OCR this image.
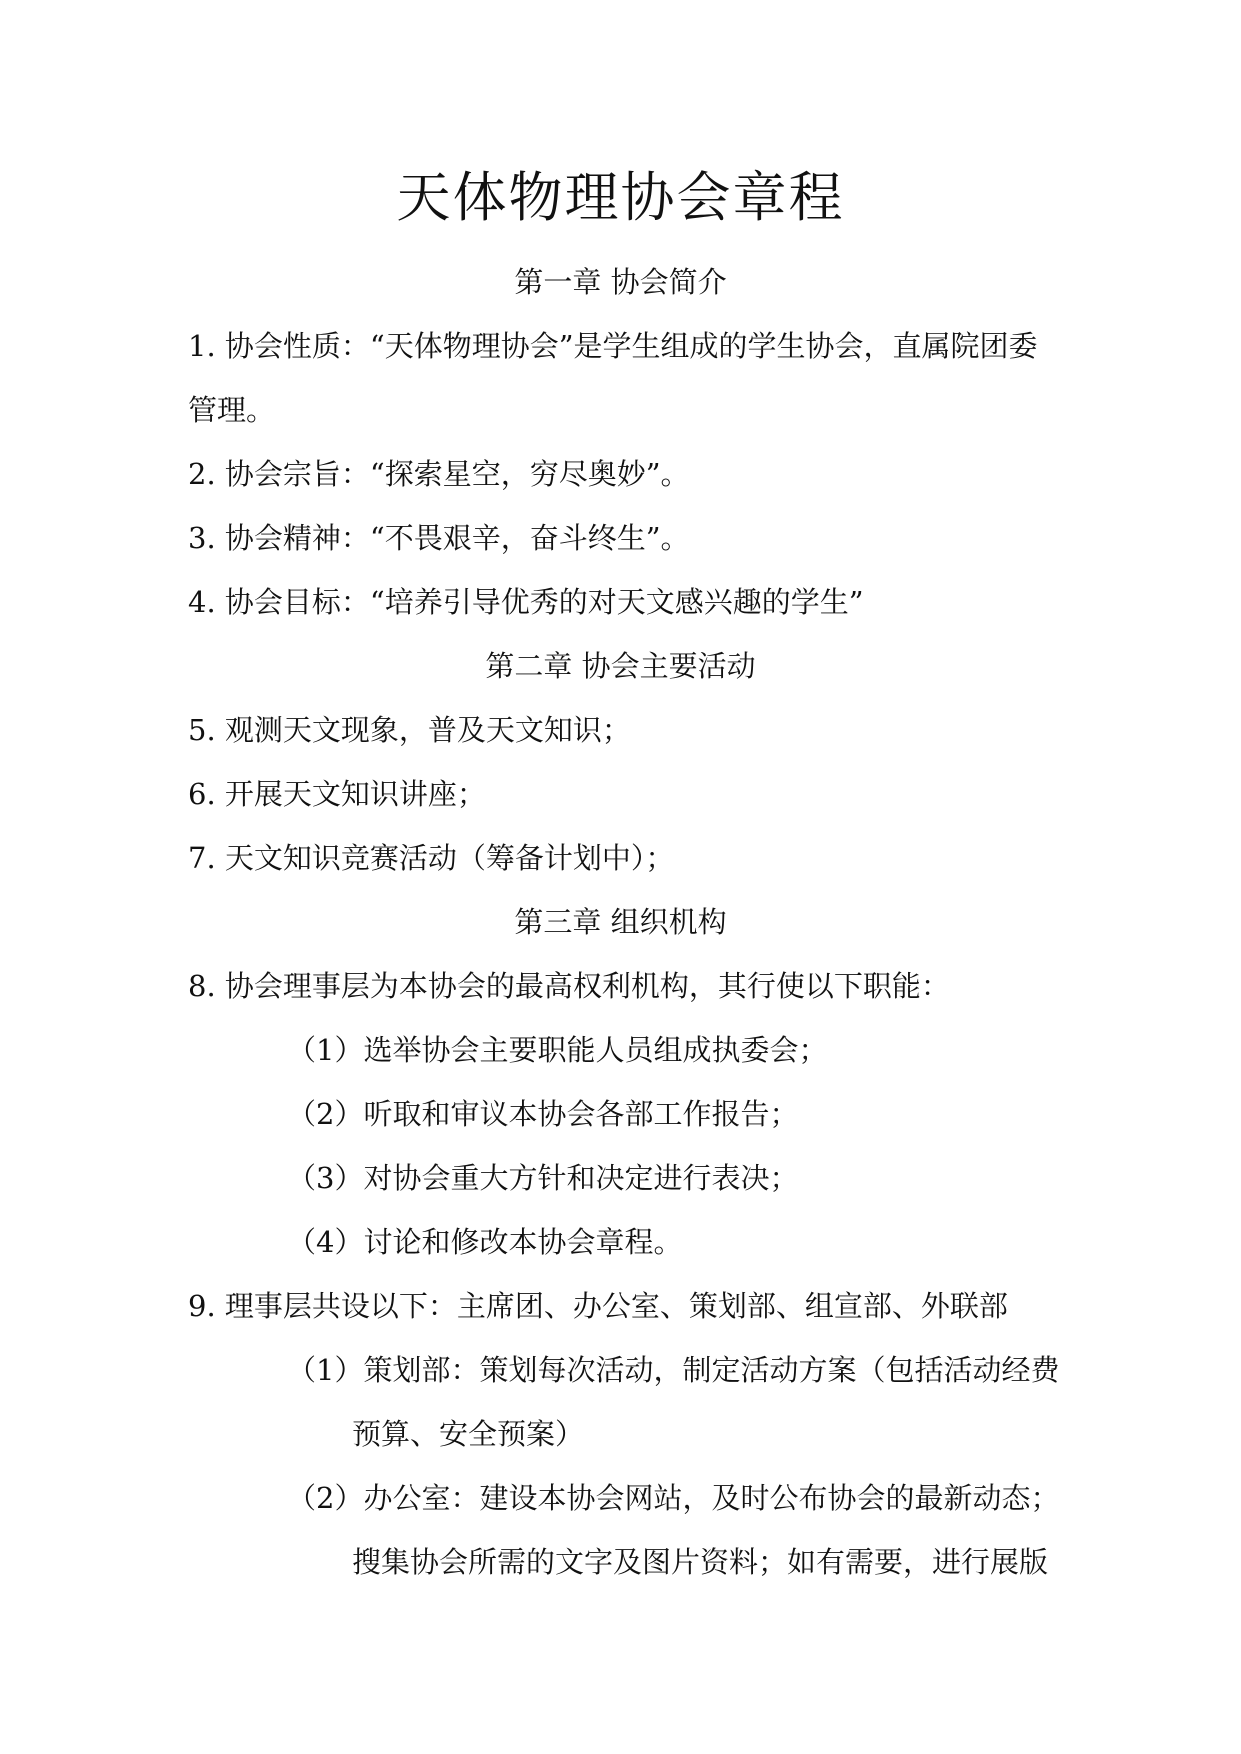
天体物理协会章程
第一章 协会简介
1. 协会性质：“天体物理协会”是学生组成的学生协会，直属院团委
管理。
2. 协会宗旨：“探索星空，穷尽奥妙”。
3. 协会精神：“不畏艰辛，奋斗终生”。
4. 协会目标：“培养引导优秀的对天文感兴趣的学生”
第二章 协会主要活动
5. 观测天文现象，普及天文知识；
6. 开展天文知识讲座；
7. 天文知识竞赛活动（筹备计划中）；
第三章 组织机构
8. 协会理事层为本协会的最高权利机构，其行使以下职能：
（1）选举协会主要职能人员组成执委会；
（2）听取和审议本协会各部工作报告；
（3）对协会重大方针和决定进行表决；
（4）讨论和修改本协会章程。
9. 理事层共设以下：主席团、办公室、策划部、组宣部、外联部
（1）策划部：策划每次活动，制定活动方案（包括活动经费
预算、安全预案）
（2）办公室：建设本协会网站，及时公布协会的最新动态；
搜集协会所需的文字及图片资料；如有需要，进行展版
